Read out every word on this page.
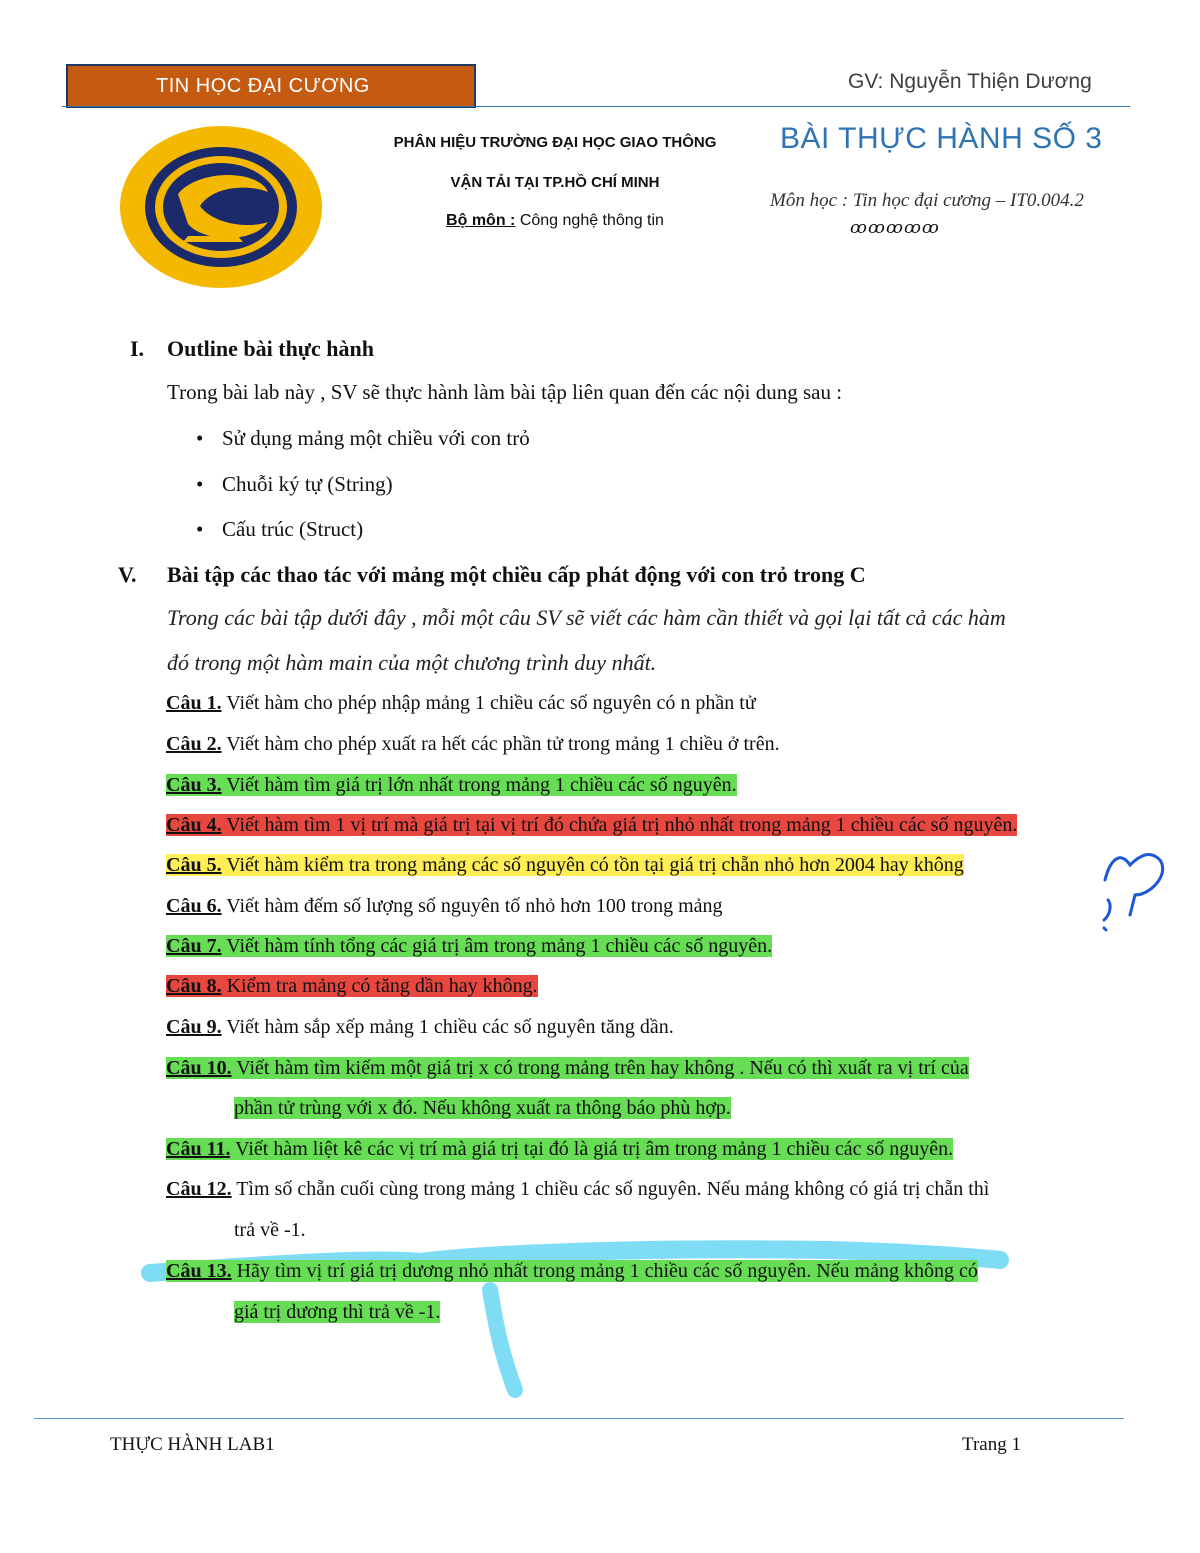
TIN HỌC ĐẠI CƯƠNG	GV: Nguyễn Thiện Dương
PHÂN HIỆU TRƯỜNG ĐẠI HỌC GIAO THÔNG
VẬN TẢI TẠI TP.HỒ CHÍ MINH
Bộ môn : Công nghệ thông tin
BÀI THỰC HÀNH SỐ 3
Môn học : Tin học đại cương – IT0.004.2
ꝏꝏꝏꝏꝏ
I. Outline bài thực hành
Trong bài lab này , SV sẽ thực hành làm bài tập liên quan đến các nội dung sau :
• Sử dụng mảng một chiều với con trỏ
• Chuỗi ký tự (String)
• Cấu trúc (Struct)
V. Bài tập các thao tác với mảng một chiều cấp phát động với con trỏ trong C
Trong các bài tập dưới đây , mỗi một câu SV sẽ viết các hàm cần thiết và gọi lại tất cả các hàm
đó trong một hàm main của một chương trình duy nhất.
Câu 1. Viết hàm cho phép nhập mảng 1 chiều các số nguyên có n phần tử
Câu 2. Viết hàm cho phép xuất ra hết các phần tử trong mảng 1 chiều ở trên.
Câu 3. Viết hàm tìm giá trị lớn nhất trong mảng 1 chiều các số nguyên.
Câu 4. Viết hàm tìm 1 vị trí mà giá trị tại vị trí đó chứa giá trị nhỏ nhất trong mảng 1 chiều các số nguyên.
Câu 5. Viết hàm kiểm tra trong mảng các số nguyên có tồn tại giá trị chẵn nhỏ hơn 2004 hay không
Câu 6. Viết hàm đếm số lượng số nguyên tố nhỏ hơn 100 trong mảng
Câu 7. Viết hàm tính tổng các giá trị âm trong mảng 1 chiều các số nguyên.
Câu 8. Kiểm tra mảng có tăng dần hay không.
Câu 9. Viết hàm sắp xếp mảng 1 chiều các số nguyên tăng dần.
Câu 10. Viết hàm tìm kiếm một giá trị x có trong mảng trên hay không . Nếu có thì xuất ra vị trí của
phần tử trùng với x đó. Nếu không xuất ra thông báo phù hợp.
Câu 11. Viết hàm liệt kê các vị trí mà giá trị tại đó là giá trị âm trong mảng 1 chiều các số nguyên.
Câu 12. Tìm số chẵn cuối cùng trong mảng 1 chiều các số nguyên. Nếu mảng không có giá trị chẵn thì
trả về -1.
Câu 13. Hãy tìm vị trí giá trị dương nhỏ nhất trong mảng 1 chiều các số nguyên. Nếu mảng không có
giá trị dương thì trả về -1.
THỰC HÀNH LAB1	Trang 1
